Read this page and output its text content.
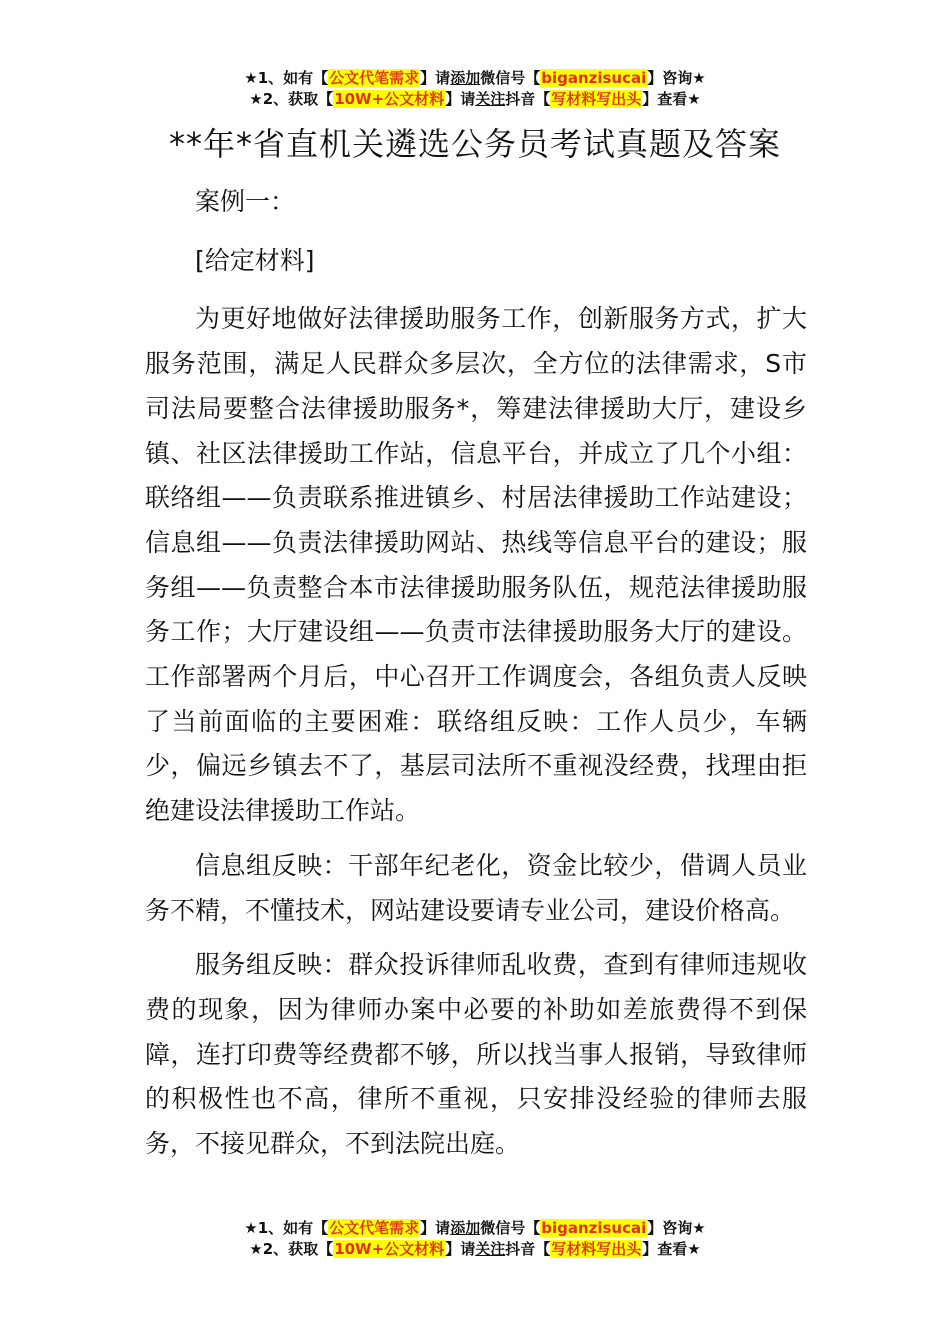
★1、如有【公文代笔需求】请添加微信号【biganzisucai】咨询★
★2、获取【10W+公文材料】请关注抖音【写材料写出头】查看★
**年*省直机关遴选公务员考试真题及答案

案例一：

[给定材料]

为更好地做好法律援助服务工作，创新服务方式，扩大服务范围，满足人民群众多层次，全方位的法律需求，S市司法局要整合法律援助服务*，筹建法律援助大厅，建设乡镇、社区法律援助工作站，信息平台，并成立了几个小组：联络组——负责联系推进镇乡、村居法律援助工作站建设；信息组——负责法律援助网站、热线等信息平台的建设；服务组——负责整合本市法律援助服务队伍，规范法律援助服务工作；大厅建设组——负责市法律援助服务大厅的建设。工作部署两个月后，中心召开工作调度会，各组负责人反映了当前面临的主要困难：联络组反映：工作人员少，车辆少，偏远乡镇去不了，基层司法所不重视没经费，找理由拒绝建设法律援助工作站。

信息组反映：干部年纪老化，资金比较少，借调人员业务不精，不懂技术，网站建设要请专业公司，建设价格高。

服务组反映：群众投诉律师乱收费，查到有律师违规收费的现象，因为律师办案中必要的补助如差旅费得不到保障，连打印费等经费都不够，所以找当事人报销，导致律师的积极性也不高，律所不重视，只安排没经验的律师去服务，不接见群众，不到法院出庭。

★1、如有【公文代笔需求】请添加微信号【biganzisucai】咨询★
★2、获取【10W+公文材料】请关注抖音【写材料写出头】查看★
